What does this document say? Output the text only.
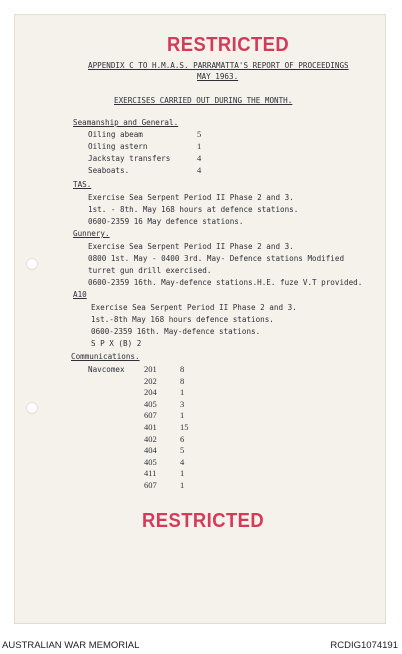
RESTRICTED
APPENDIX C TO H.M.A.S. PARRAMATTA'S REPORT OF PROCEEDINGS
MAY 1963.
EXERCISES CARRIED OUT DURING THE MONTH.
Seamanship and General.
Oiling abeam	5
Oiling astern	1
Jackstay transfers	4
Seaboats.	4
TAS.
Exercise Sea Serpent Period II Phase 2 and 3.
1st. - 8th. May 168 hours at defence stations.
0600-2359 16 May defence stations.
Gunnery.
Exercise Sea Serpent Period II Phase 2 and 3.
0800 1st. May - 0400 3rd. May- Defence stations Modified
turret gun drill exercised.
0600-2359 16th. May-defence stations.H.E. fuze V.T provided.
A10
Exercise Sea Serpent Period II Phase 2 and 3.
1st.-8th May 168 hours defence stations.
0600-2359 16th. May-defence stations.
S P X (B) 2
Communications.
Navcomex 201	8
202	8
204	1
405	3
607	1
401	15
402	6
404	5
405	4
411	1
607	1
RESTRICTED
AUSTRALIAN WAR MEMORIAL	RCDIG1074191
